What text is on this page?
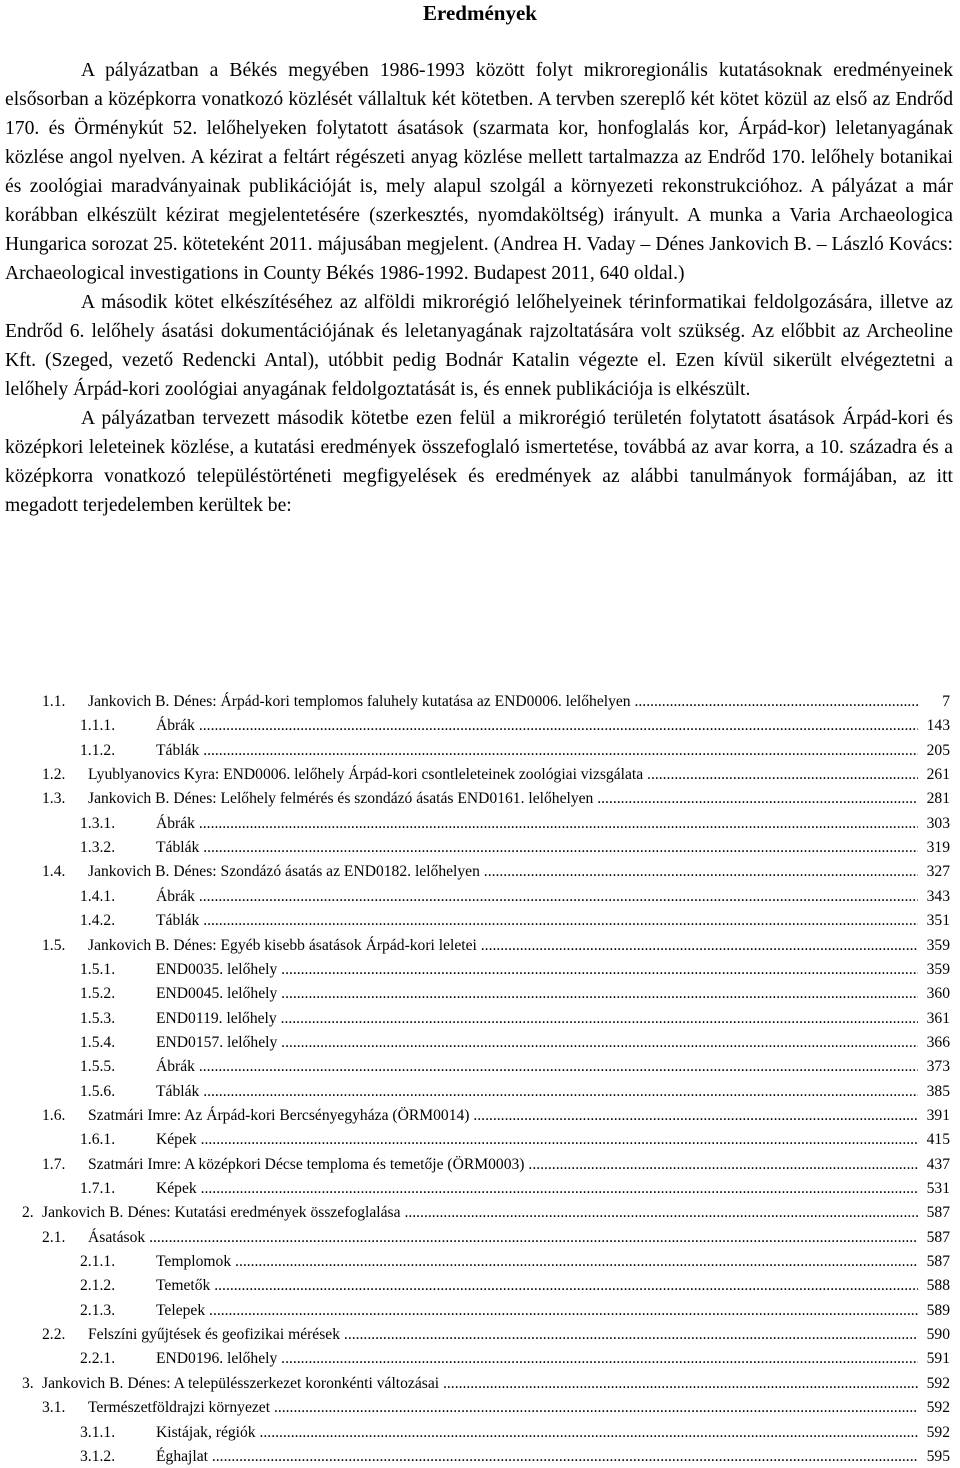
Eredmények

A pályázatban a Békés megyében 1986-1993 között folyt mikroregionális kutatásoknak eredményeinek elsősorban a középkorra vonatkozó közlését vállaltuk két kötetben. A tervben szereplő két kötet közül az első az Endrőd 170. és Örménykút 52. lelőhelyeken folytatott ásatások (szarmata kor, honfoglalás kor, Árpád-kor) leletanyagának közlése angol nyelven. A kézirat a feltárt régészeti anyag közlése mellett tartalmazza az Endrőd 170. lelőhely botanikai és zoológiai maradványainak publikációját is, mely alapul szolgál a környezeti rekonstrukcióhoz. A pályázat a már korábban elkészült kézirat megjelentetésére (szerkesztés, nyomdaköltség) irányult. A munka a Varia Archaeologica Hungarica sorozat 25. köteteként 2011. májusában megjelent. (Andrea H. Vaday – Dénes Jankovich B. – László Kovács: Archaeological investigations in County Békés 1986-1992. Budapest 2011, 640 oldal.)

A második kötet elkészítéséhez az alföldi mikrorégió lelőhelyeinek térinformatikai feldolgozására, illetve az Endrőd 6. lelőhely ásatási dokumentációjának és leletanyagának rajzoltatására volt szükség. Az előbbit az Archeoline Kft. (Szeged, vezető Redencki Antal), utóbbit pedig Bodnár Katalin végezte el. Ezen kívül sikerült elvégeztetni a lelőhely Árpád-kori zoológiai anyagának feldolgoztatását is, és ennek publikációja is elkészült.

A pályázatban tervezett második kötetbe ezen felül a mikrorégió területén folytatott ásatások Árpád-kori és középkori leleteinek közlése, a kutatási eredmények összefoglaló ismertetése, továbbá az avar korra, a 10. századra és a középkorra vonatkozó településtörténeti megfigyelések és eredmények az alábbi tanulmányok formájában, az itt megadott terjedelemben kerültek be:

1.1. Jankovich B. Dénes: Árpád-kori templomos faluhely kutatása az END0006. lelőhelyen .....	7
1.1.1.	Ábrák .....	143
1.1.2.	Táblák .....	205
1.2. Lyublyanovics Kyra: END0006. lelőhely Árpád-kori csontleleteinek zoológiai vizsgálata .....	261
1.3. Jankovich B. Dénes: Lelőhely felmérés és szondázó ásatás END0161. lelőhelyen .....	281
1.3.1.	Ábrák .....	303
1.3.2.	Táblák .....	319
1.4. Jankovich B. Dénes: Szondázó ásatás az END0182. lelőhelyen .....	327
1.4.1.	Ábrák .....	343
1.4.2.	Táblák .....	351
1.5. Jankovich B. Dénes: Egyéb kisebb ásatások Árpád-kori leletei .....	359
1.5.1.	END0035. lelőhely .....	359
1.5.2.	END0045. lelőhely .....	360
1.5.3.	END0119. lelőhely .....	361
1.5.4.	END0157. lelőhely .....	366
1.5.5.	Ábrák .....	373
1.5.6.	Táblák .....	385
1.6. Szatmári Imre: Az Árpád-kori Bercsényegyháza (ÖRM0014) .....	391
1.6.1.	Képek .....	415
1.7. Szatmári Imre: A középkori Décse temploma és temetője (ÖRM0003) .....	437
1.7.1.	Képek .....	531
2. Jankovich B. Dénes: Kutatási eredmények összefoglalása .....	587
2.1. Ásatások .....	587
2.1.1.	Templomok .....	587
2.1.2.	Temetők .....	588
2.1.3.	Telepek .....	589
2.2. Felszíni gyűjtések és geofizikai mérések .....	590
2.2.1.	END0196. lelőhely .....	591
3. Jankovich B. Dénes: A településszerkezet koronkénti változásai .....	592
3.1. Természetföldrajzi környezet .....	592
3.1.1.	Kistájak, régiók .....	592
3.1.2.	Éghajlat .....	595
